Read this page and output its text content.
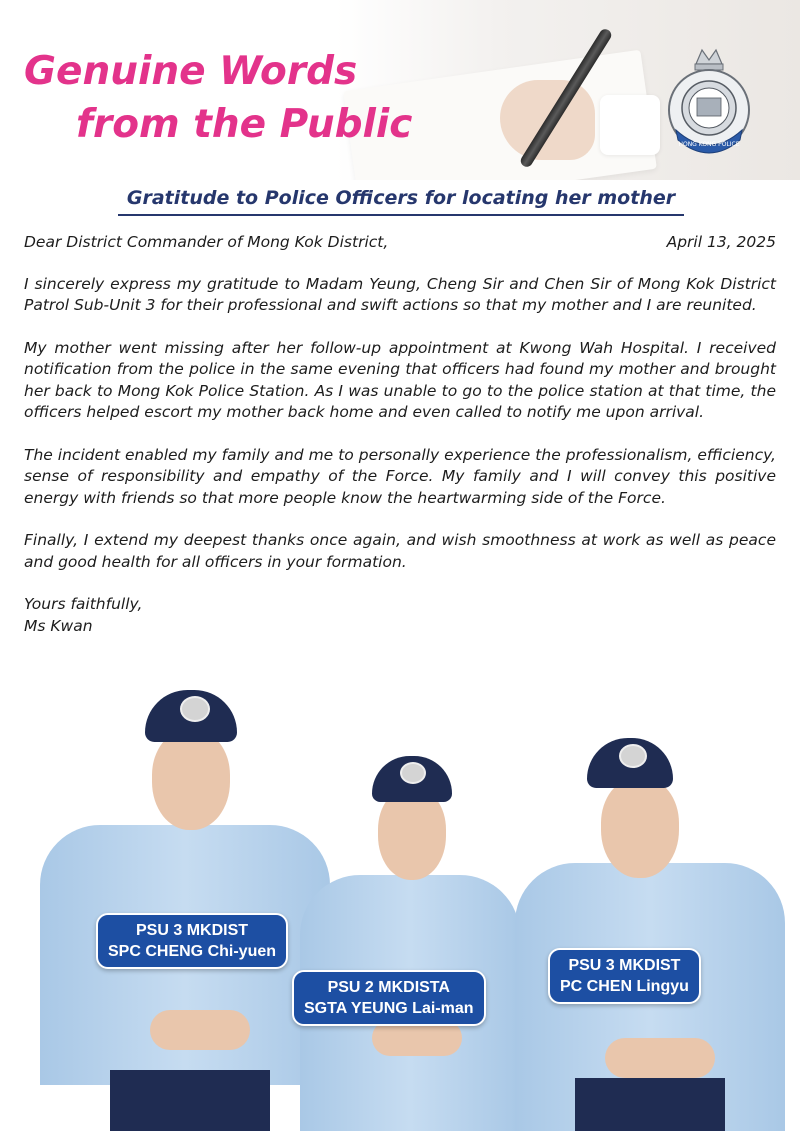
Genuine Words
from the Public	HONG KONG POLICE
Gratitude to Police Officers for locating her mother
Dear District Commander of Mong Kok District,	April 13, 2025

I sincerely express my gratitude to Madam Yeung, Cheng Sir and Chen Sir of Mong Kok District Patrol Sub-Unit 3 for their professional and swift actions so that my mother and I are reunited.

My mother went missing after her follow-up appointment at Kwong Wah Hospital. I received notification from the police in the same evening that officers had found my mother and brought her back to Mong Kok Police Station. As I was unable to go to the police station at that time, the officers helped escort my mother back home and even called to notify me upon arrival.

The incident enabled my family and me to personally experience the professionalism, efficiency, sense of responsibility and empathy of the Force. My family and I will convey this positive energy with friends so that more people know the heartwarming side of the Force.

Finally, I extend my deepest thanks once again, and wish smoothness at work as well as peace and good health for all officers in your formation.

Yours faithfully,
Ms Kwan
PSU 3 MKDIST
SPC CHENG Chi-yuen
PSU 2 MKDISTA
SGTA YEUNG Lai-man
PSU 3 MKDIST
PC CHEN Lingyu
